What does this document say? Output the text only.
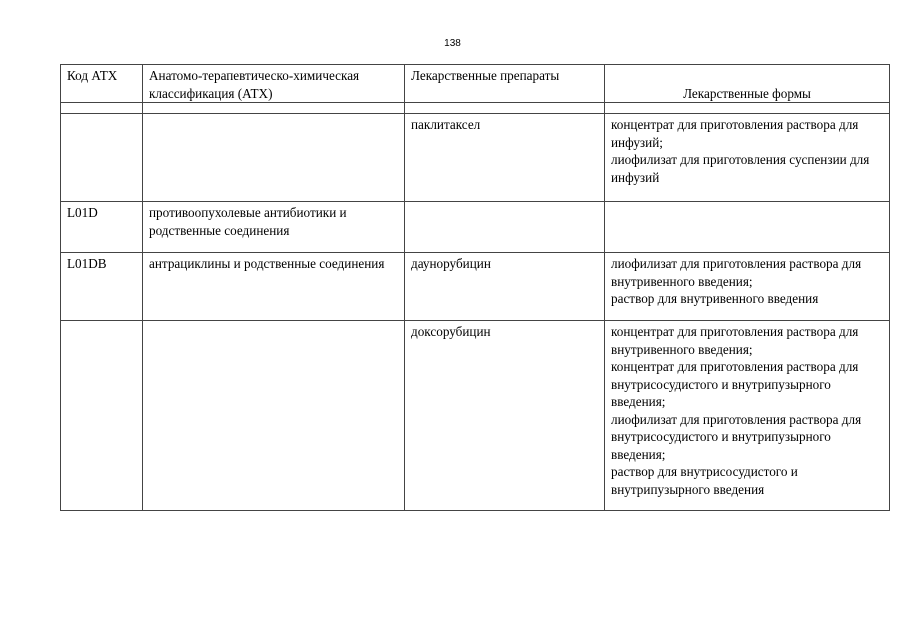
138
Код АТХ	Анатомо-терапевтическо-химическая классификация (АТХ)	Лекарственные препараты	Лекарственные формы

		паклитаксел	концентрат для приготовления раствора для инфузий;
лиофилизат для приготовления суспензии для инфузий

L01D	противоопухолевые антибиотики и родственные соединения		
L01DB	антрациклины и родственные соединения	даунорубицин	лиофилизат для приготовления раствора для внутривенного введения;
раствор для внутривенного введения

		доксорубицин	концентрат для приготовления раствора для внутривенного введения;
концентрат для приготовления раствора для внутрисосудистого и внутрипузырного введения;
лиофилизат для приготовления раствора для внутрисосудистого и внутрипузырного введения;
раствор для внутрисосудистого и внутрипузырного введения
